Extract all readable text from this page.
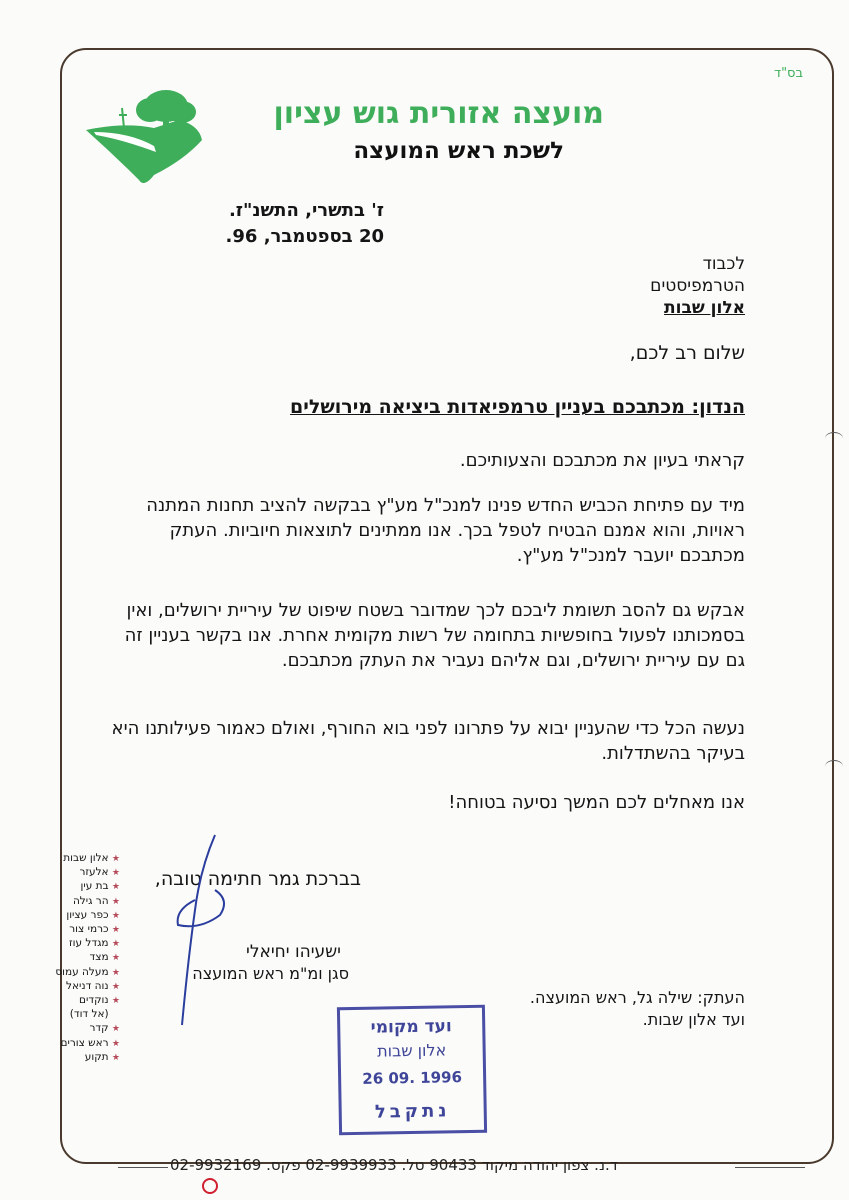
בס"ד
מועצה אזורית גוש עציון
לשכת ראש המועצה
ז' בתשרי, התשנ"ז.
20 בספטמבר, 96.
לכבוד
הטרמפיסטים
אלון שבות
שלום רב לכם,
הנדון: מכתבכם בעניין טרמפיאדות ביציאה מירושלים
קראתי בעיון את מכתבכם והצעותיכם.
מיד עם פתיחת הכביש החדש פנינו למנכ"ל מע"ץ בבקשה להציב תחנות המתנה ראויות, והוא אמנם הבטיח לטפל בכך. אנו ממתינים לתוצאות חיוביות. העתק מכתבכם יועבר למנכ"ל מע"ץ.
אבקש גם להסב תשומת ליבכם לכך שמדובר בשטח שיפוט של עיריית ירושלים, ואין בסמכותנו לפעול בחופשיות בתחומה של רשות מקומית אחרת. אנו בקשר בעניין זה גם עם עיריית ירושלים, וגם אליהם נעביר את העתק מכתבכם.
נעשה הכל כדי שהעניין יבוא על פתרונו לפני בוא החורף, ואולם כאמור פעילותנו היא בעיקר בהשתדלות.
אנו מאחלים לכם המשך נסיעה בטוחה!
בברכת גמר חתימה טובה,
ישעיהו יחיאלי
סגן ומ"מ ראש המועצה
העתק: שילה גל, ראש המועצה.
ועד אלון שבות.
★ אלון שבות
★ אלעזר
★ בת עין
★ הר גילה
★ כפר עציון
★ כרמי צור
★ מגדל עוז
★ מצד
★ מעלה עמוס
★ נוה דניאל
★ נוקדים
(אל דוד)
★ קדר
★ ראש צורים
★ תקוע
ועד מקומי
אלון שבות
26 09. 1996
נתקבל
ד.נ. צפון יהודה מיקוד 90433 טל. 02-9939933 פקס. 02-9932169
